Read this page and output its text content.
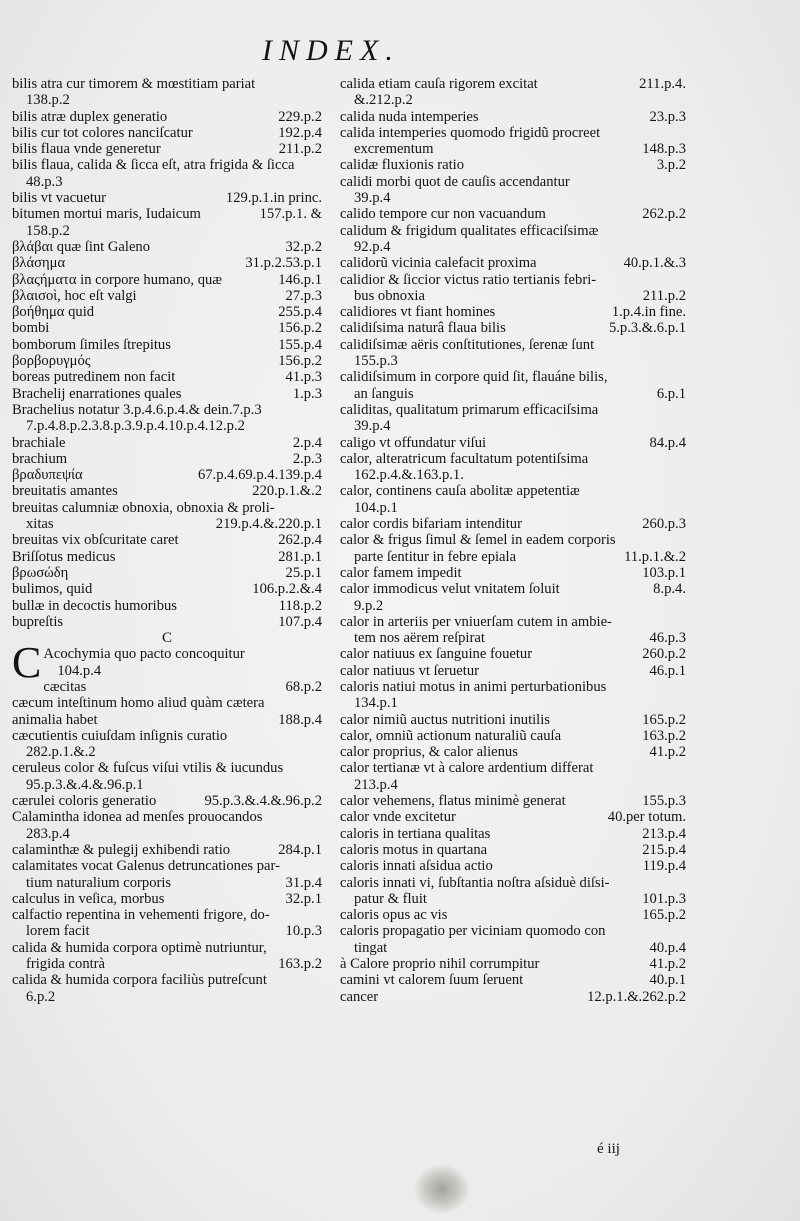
INDEX.
bilis atra cur timorem & mœstitiam pariat
138.p.2
bilis atræ duplex generatio	229.p.2
bilis cur tot colores nanciſcatur	192.p.4
bilis flaua vnde generetur	211.p.2
bilis flaua, calida & ſicca eſt, atra frigida & ſicca
48.p.3
bilis vt vacuetur	129.p.1.in princ.
bitumen mortui maris, Iudaicum	157.p.1. &
158.p.2
βλάβαι quæ ſint Galeno	32.p.2
βλάσημα	31.p.2.53.p.1
βλαςήματα in corpore humano, quæ	146.p.1
βλαισοὶ, hoc eſt valgi	27.p.3
βοήθημα quid	255.p.4
bombi	156.p.2
bomborum ſimiles ſtrepitus	155.p.4
βορβορυγμός	156.p.2
boreas putredinem non facit	41.p.3
Brachelij enarrationes quales	1.p.3
Brachelius notatur 3.p.4.6.p.4.& dein.7.p.3
7.p.4.8.p.2.3.8.p.3.9.p.4.10.p.4.12.p.2
brachiale	2.p.4
brachium	2.p.3
βραδυπεψία	67.p.4.69.p.4.139.p.4
breuitatis amantes	220.p.1.&.2
breuitas calumniæ obnoxia, obnoxia & proli-
xitas	219.p.4.&.220.p.1
breuitas vix obſcuritate caret	262.p.4
Briſſotus medicus	281.p.1
βρωσώδη	25.p.1
bulimos, quid	106.p.2.&.4
bullæ in decoctis humoribus	118.p.2
bupreſtis	107.p.4
C
C Acochymia quo pacto concoquitur
104.p.4
cæcitas	68.p.2
cæcum inteſtinum homo aliud quàm cætera
animalia habet	188.p.4
cæcutientis cuiuſdam inſignis curatio
282.p.1.&.2
ceruleus color & fuſcus viſui vtilis & iucundus
95.p.3.&.4.&.96.p.1
cærulei coloris generatio	95.p.3.&.4.&.96.p.2
Calamintha idonea ad menſes prouocandos
283.p.4
calaminthæ & pulegij exhibendi ratio	284.p.1
calamitates vocat Galenus detruncationes par-
tium naturalium corporis	31.p.4
calculus in veſica, morbus	32.p.1
calfactio repentina in vehementi frigore, do-
lorem facit	10.p.3
calida & humida corpora optimè nutriuntur,
frigida contrà	163.p.2
calida & humida corpora faciliùs putreſcunt
6.p.2
calida etiam cauſa rigorem excitat	211.p.4.
&.212.p.2
calida nuda intemperies	23.p.3
calida intemperies quomodo frigidũ procreet
excrementum	148.p.3
calidæ fluxionis ratio	3.p.2
calidi morbi quot de cauſis accendantur
39.p.4
calido tempore cur non vacuandum	262.p.2
calidum & frigidum qualitates efficaciſsimæ
92.p.4
calidorũ vicinia calefacit proxima	40.p.1.&.3
calidior & ſiccior victus ratio tertianis febri-
bus obnoxia	211.p.2
calidiores vt fiant homines	1.p.4.in fine.
calidiſsima naturâ flaua bilis	5.p.3.&.6.p.1
calidiſsimæ aëris conſtitutiones, ſerenæ ſunt
155.p.3
calidiſsimum in corpore quid ſit, flauáne bilis,
an ſanguis	6.p.1
caliditas, qualitatum primarum efficaciſsima
39.p.4
caligo vt offundatur viſui	84.p.4
calor, alteratricum facultatum potentiſsima
162.p.4.&.163.p.1.
calor, continens cauſa abolitæ appetentiæ
104.p.1
calor cordis bifariam intenditur	260.p.3
calor & frigus ſimul & ſemel in eadem corporis
parte ſentitur in febre epiala	11.p.1.&.2
calor famem impedit	103.p.1
calor immodicus velut vnitatem ſoluit	8.p.4.
9.p.2
calor in arteriis per vniuerſam cutem in ambie-
tem nos aërem reſpirat	46.p.3
calor natiuus ex ſanguine fouetur	260.p.2
calor natiuus vt ſeruetur	46.p.1
caloris natiui motus in animi perturbationibus
134.p.1
calor nimiũ auctus nutritioni inutilis	165.p.2
calor, omniũ actionum naturaliũ cauſa	163.p.2
calor proprius, & calor alienus	41.p.2
calor tertianæ vt à calore ardentium differat
213.p.4
calor vehemens, flatus minimè generat	155.p.3
calor vnde excitetur	40.per totum.
caloris in tertiana qualitas	213.p.4
caloris motus in quartana	215.p.4
caloris innati aſsidua actio	119.p.4
caloris innati vi, ſubſtantia noſtra aſsiduè diſsi-
patur & fluit	101.p.3
caloris opus ac vis	165.p.2
caloris propagatio per viciniam quomodo con
tingat	40.p.4
à Calore proprio nihil corrumpitur	41.p.2
camini vt calorem ſuum ſeruent	40.p.1
cancer	12.p.1.&.262.p.2
é iij
